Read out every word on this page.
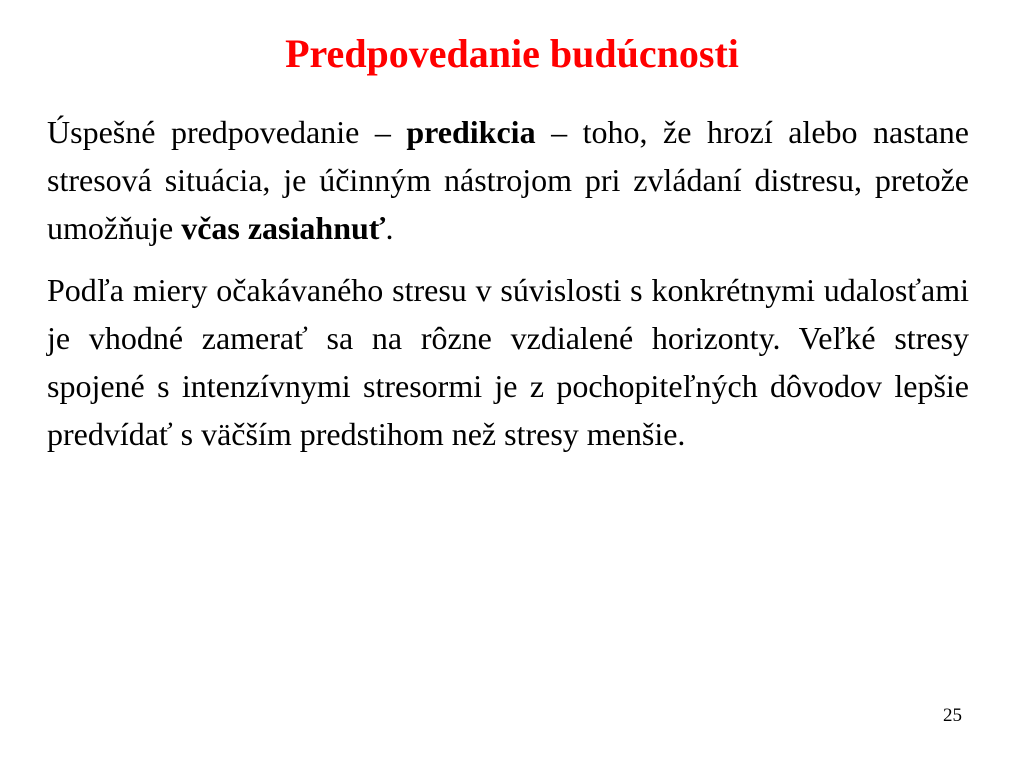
Predpovedanie budúcnosti

Úspešné predpovedanie – predikcia – toho, že hrozí alebo nastane stresová situácia, je účinným nástrojom pri zvládaní distresu, pretože umožňuje včas zasiahnuť.

Podľa miery očakávaného stresu v súvislosti s konkrétnymi udalosťami je vhodné zamerať sa na rôzne vzdialené horizonty. Veľké stresy spojené s intenzívnymi stresormi je z pochopiteľných dôvodov lepšie predvídať s väčším predstihom než stresy menšie.

25
